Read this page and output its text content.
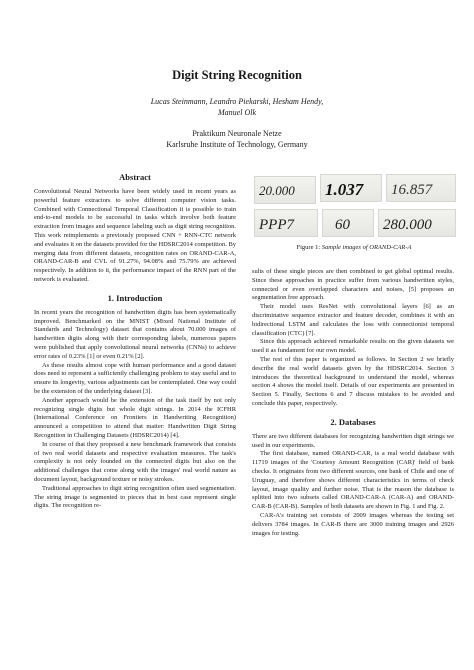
Digit String Recognition
Lucas Steinmann, Leandro Piekarski, Hesham Hendy,
Manuel Olk
Praktikum Neuronale Netze
Karlsruhe Institute of Technology, Germany
Abstract

Convolutional Neural Networks have been widely used in recent years as powerful feature extractors to solve different computer vision tasks. Combined with Connectional Temporal Classification it is possible to train end-to-end models to be successful in tasks which involve both feature extraction from images and sequence labeling such as digit string recognition. This work reimplements a previously proposed CNN + RNN-CTC network and evaluates it on the datasets provided for the HDSRC2014 competition. By merging data from different datasets, recognition rates on ORAND-CAR-A, ORAND-CAR-B and CVL of 91.27%, 94.08% and 75.79% are achieved respectively. In addition to it, the performance impact of the RNN part of the network is evaluated.

1. Introduction

In recent years the recognition of handwritten digits has been systematically improved. Benchmarked on the MNIST (Mixed National Institute of Standards and Technology) dataset that contains about 70.000 images of handwritten digits along with their corresponding labels, numerous papers were published that apply convolutional neural networks (CNNs) to achieve error rates of 0.23% [1] or even 0.21% [2].

As these results almost cope with human performance and a good dataset does need to represent a sufficiently challenging problem to stay useful and to ensure its longevity, various adjustments can be contemplated. One way could be the extension of the underlying dataset [3].

Another approach would be the extension of the task itself by not only recognizing single digits but whole digit strings. In 2014 the ICFHR (International Conference on Frontiers in Handwriting Recognition) announced a competition to attend that matter: Handwritten Digit String Recognition in Challenging Datasets (HDSRC2014) [4].

In course of that they proposed a new benchmark framework that consists of two real world datasets and respective evaluation measures. The task's complexity is not only founded on the connected digits but also on the additional challenges that come along with the images' real world nature as document layout, background texture or noisy strokes.

Traditional approaches to digit string recognition often used segmentation. The string image is segmented to pieces that in best case represent single digits. The recognition re-

20.000 1.037 16.857
PPP7	60 280.000
Figure 1: Sample images of ORAND-CAR-A

sults of these single pieces are then combined to get global optimal results. Since these approaches in practice suffer from various handwritten styles, connected or even overlapped characters and noises, [5] proposes an segmentation free approach.

Their model uses ResNet with convolutional layers [6] as an discriminative sequence extractor and feature decoder, combines it with an bidirectional LSTM and calculates the loss with connectionist temporal classification (CTC) [7].

Since this approach achieved remarkable results on the given datasets we used it as fundament for our own model.

The rest of this paper is organized as follows. In Section 2 we briefly describe the real world datasets given by the HDSRC2014. Section 3 introduces the theoretical background to understand the model, whereas section 4 shows the model itself. Details of our experiments are presented in Section 5. Finally, Sections 6 and 7 discuss mistakes to be avoided and conclude this paper, respectively.

2. Databases

There are two different databases for recognizing handwritten digit strings we used in our experiments.

The first database, named ORAND-CAR, is a real world database with 11719 images of the 'Courtesy Amount Recognition (CAR)' field of bank checks. It originates from two different sources, one bank of Chile and one of Uruguay, and therefore shows different characteristics in terms of check layout, image quality and further noise. That is the reason the database is splitted into two subsets called ORAND-CAR-A (CAR-A) and ORAND-CAR-B (CAR-B). Samples of both datasets are shown in Fig. 1 and Fig. 2.

CAR-A's training set consists of 2009 images whereas the testing set delivers 3784 images. In CAR-B there are 3000 training images and 2926 images for testing.
